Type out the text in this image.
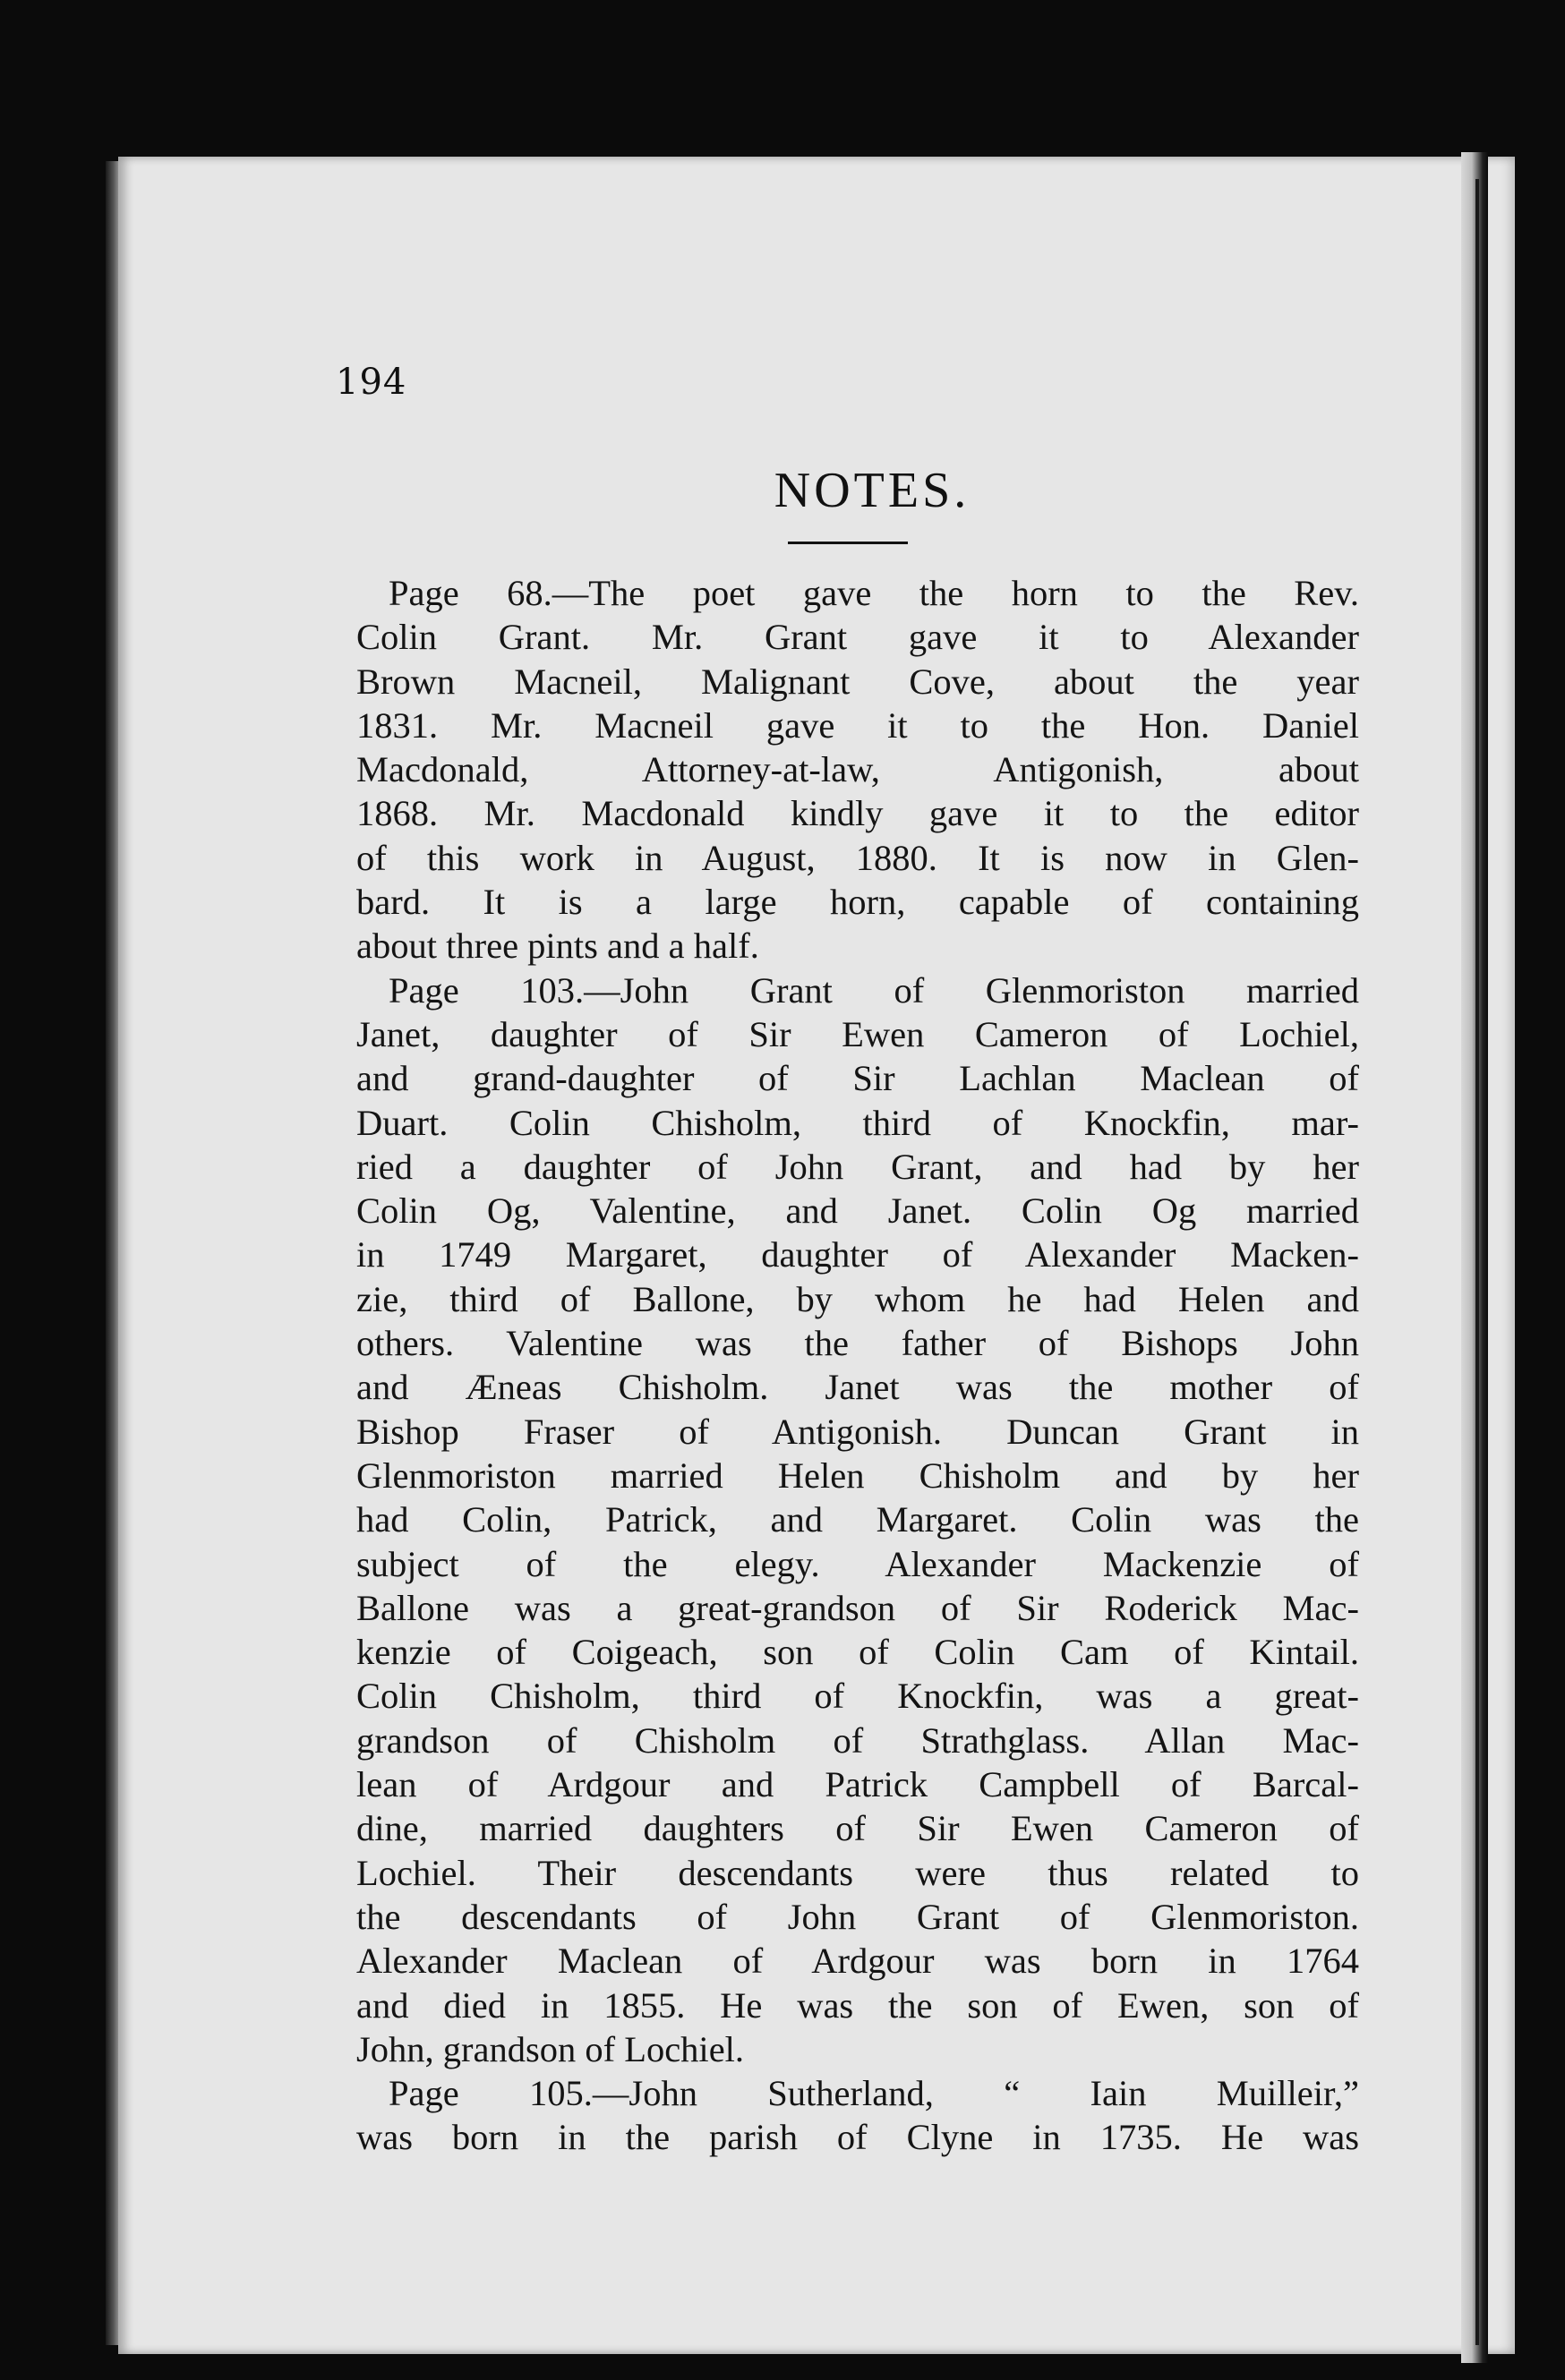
194
NOTES.
Page 68.—The poet gave the horn to the Rev.
Colin Grant. Mr. Grant gave it to Alexander
Brown Macneil, Malignant Cove, about the year
1831. Mr. Macneil gave it to the Hon. Daniel
Macdonald, Attorney-at-law, Antigonish, about
1868. Mr. Macdonald kindly gave it to the editor
of this work in August, 1880. It is now in Glen-
bard. It is a large horn, capable of containing
about three pints and a half.
Page 103.—John Grant of Glenmoriston married
Janet, daughter of Sir Ewen Cameron of Lochiel,
and grand-daughter of Sir Lachlan Maclean of
Duart. Colin Chisholm, third of Knockfin, mar-
ried a daughter of John Grant, and had by her
Colin Og, Valentine, and Janet. Colin Og married
in 1749 Margaret, daughter of Alexander Macken-
zie, third of Ballone, by whom he had Helen and
others. Valentine was the father of Bishops John
and Æneas Chisholm. Janet was the mother of
Bishop Fraser of Antigonish. Duncan Grant in
Glenmoriston married Helen Chisholm and by her
had Colin, Patrick, and Margaret. Colin was the
subject of the elegy. Alexander Mackenzie of
Ballone was a great-grandson of Sir Roderick Mac-
kenzie of Coigeach, son of Colin Cam of Kintail.
Colin Chisholm, third of Knockfin, was a great-
grandson of Chisholm of Strathglass. Allan Mac-
lean of Ardgour and Patrick Campbell of Barcal-
dine, married daughters of Sir Ewen Cameron of
Lochiel. Their descendants were thus related to
the descendants of John Grant of Glenmoriston.
Alexander Maclean of Ardgour was born in 1764
and died in 1855. He was the son of Ewen, son of
John, grandson of Lochiel.
Page 105.—John Sutherland, “ Iain Muilleir,”
was born in the parish of Clyne in 1735. He was
